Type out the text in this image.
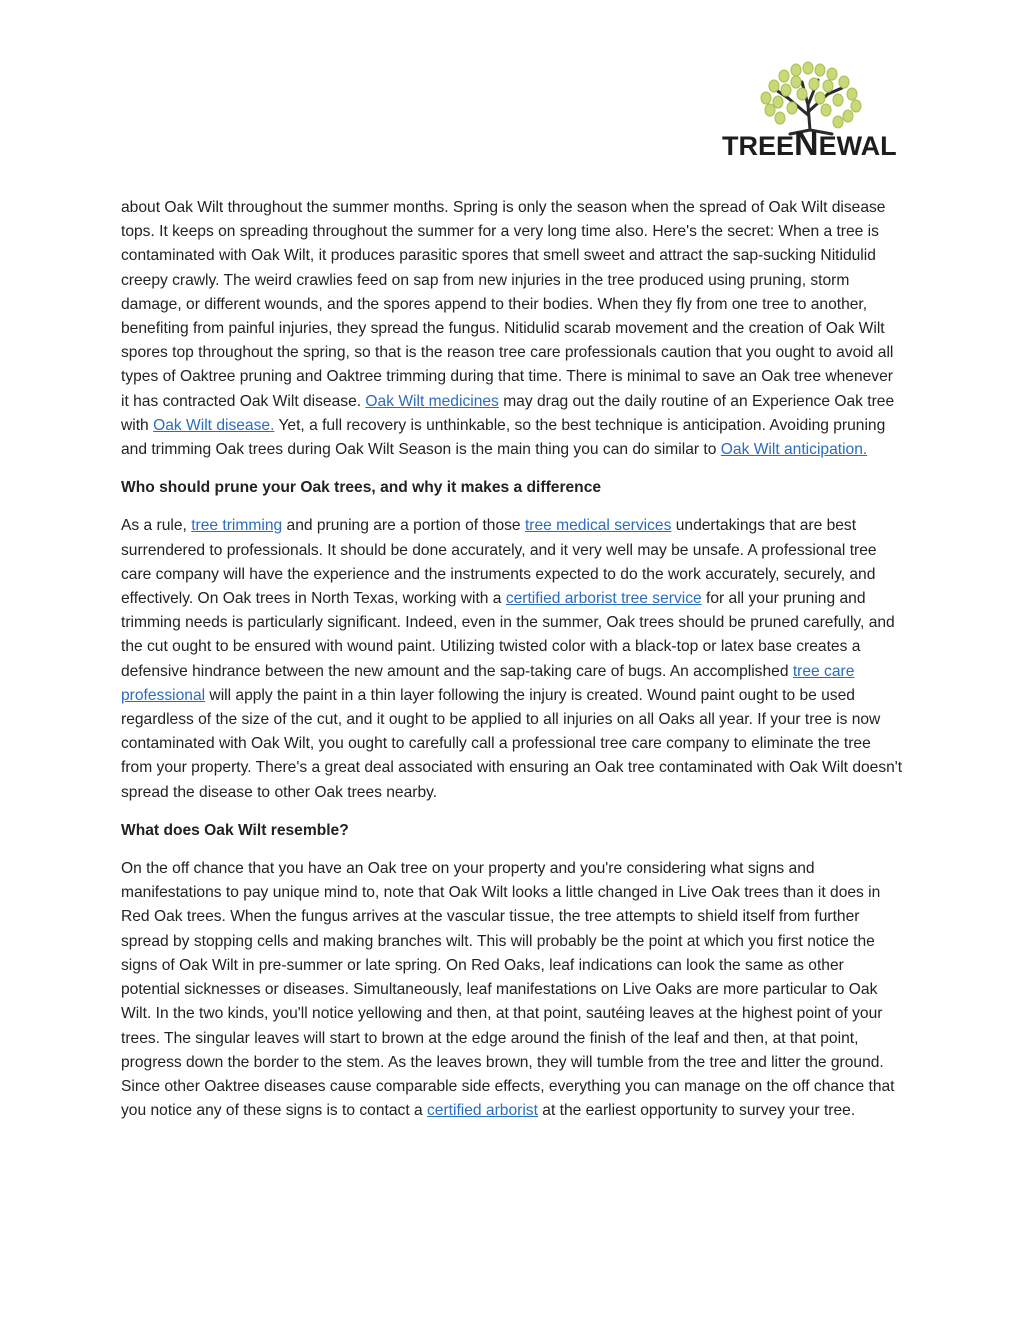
TREENEWAL

about Oak Wilt throughout the summer months. Spring is only the season when the spread of Oak Wilt disease tops. It keeps on spreading throughout the summer for a very long time also. Here's the secret: When a tree is contaminated with Oak Wilt, it produces parasitic spores that smell sweet and attract the sap-sucking Nitidulid creepy crawly. The weird crawlies feed on sap from new injuries in the tree produced using pruning, storm damage, or different wounds, and the spores append to their bodies. When they fly from one tree to another, benefiting from painful injuries, they spread the fungus. Nitidulid scarab movement and the creation of Oak Wilt spores top throughout the spring, so that is the reason tree care professionals caution that you ought to avoid all types of Oaktree pruning and Oaktree trimming during that time. There is minimal to save an Oak tree whenever it has contracted Oak Wilt disease. Oak Wilt medicines may drag out the daily routine of an Experience Oak tree with Oak Wilt disease. Yet, a full recovery is unthinkable, so the best technique is anticipation. Avoiding pruning and trimming Oak trees during Oak Wilt Season is the main thing you can do similar to Oak Wilt anticipation.

Who should prune your Oak trees, and why it makes a difference

As a rule, tree trimming and pruning are a portion of those tree medical services undertakings that are best surrendered to professionals. It should be done accurately, and it very well may be unsafe. A professional tree care company will have the experience and the instruments expected to do the work accurately, securely, and effectively. On Oak trees in North Texas, working with a certified arborist tree service for all your pruning and trimming needs is particularly significant. Indeed, even in the summer, Oak trees should be pruned carefully, and the cut ought to be ensured with wound paint. Utilizing twisted color with a black-top or latex base creates a defensive hindrance between the new amount and the sap-taking care of bugs. An accomplished tree care professional will apply the paint in a thin layer following the injury is created. Wound paint ought to be used regardless of the size of the cut, and it ought to be applied to all injuries on all Oaks all year. If your tree is now contaminated with Oak Wilt, you ought to carefully call a professional tree care company to eliminate the tree from your property. There's a great deal associated with ensuring an Oak tree contaminated with Oak Wilt doesn't spread the disease to other Oak trees nearby.

What does Oak Wilt resemble?

On the off chance that you have an Oak tree on your property and you're considering what signs and manifestations to pay unique mind to, note that Oak Wilt looks a little changed in Live Oak trees than it does in Red Oak trees. When the fungus arrives at the vascular tissue, the tree attempts to shield itself from further spread by stopping cells and making branches wilt. This will probably be the point at which you first notice the signs of Oak Wilt in pre-summer or late spring. On Red Oaks, leaf indications can look the same as other potential sicknesses or diseases. Simultaneously, leaf manifestations on Live Oaks are more particular to Oak Wilt. In the two kinds, you'll notice yellowing and then, at that point, sautéing leaves at the highest point of your trees. The singular leaves will start to brown at the edge around the finish of the leaf and then, at that point, progress down the border to the stem. As the leaves brown, they will tumble from the tree and litter the ground. Since other Oaktree diseases cause comparable side effects, everything you can manage on the off chance that you notice any of these signs is to contact a certified arborist at the earliest opportunity to survey your tree.
